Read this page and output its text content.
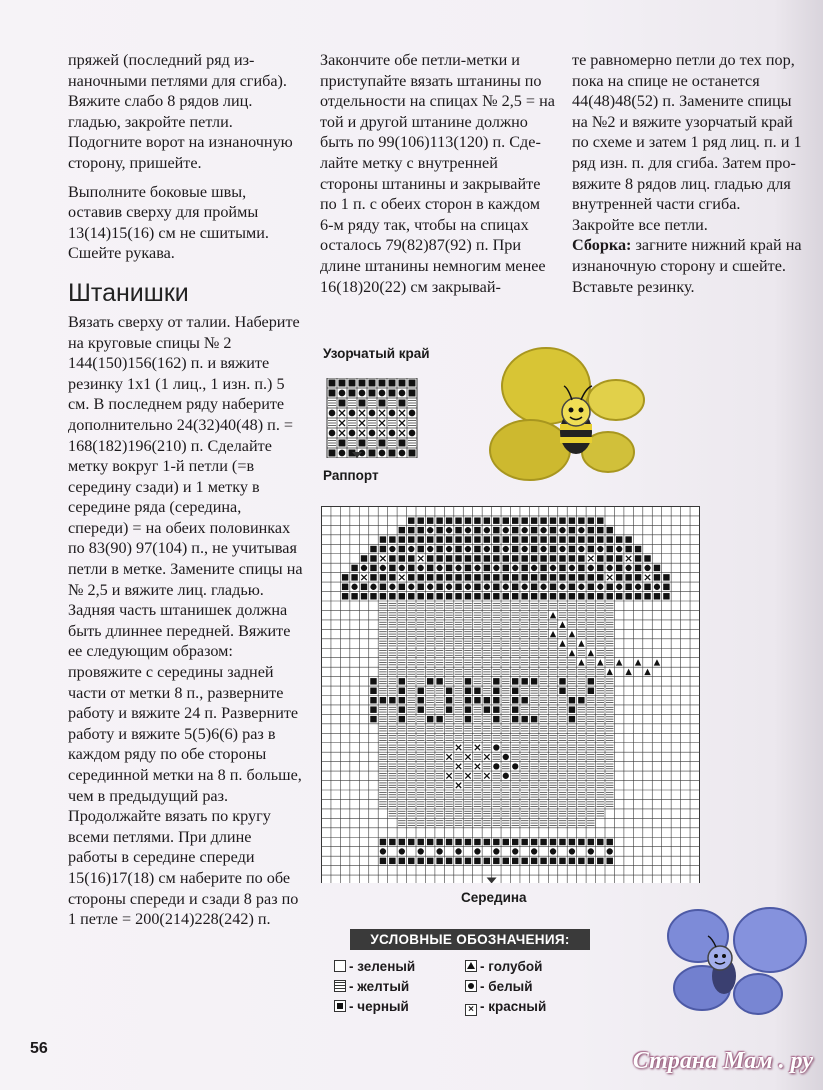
пряжей (последний ряд изнаночными петлями для сгиба). Вяжите слабо 8 рядов лиц. гладью, закройте петли. Подогните ворот на изнаночную сторону, пришейте.

Выполните боковые швы, оставив сверху для проймы 13(14)15(16) см не сшитыми. Сшейте рукава.

Штанишки

Вязать сверху от талии. Наберите на круговые спицы № 2 144(150)156(162) п. и вяжите резинку 1х1 (1 лиц., 1 изн. п.) 5 см. В последнем ряду наберите дополнительно 24(32)40(48) п. = 168(182)196(210) п. Сделайте метку вокруг 1-й петли (=в середину сзади) и 1 метку в середине ряда (середина, спереди) = на обеих половинках по 83(90) 97(104) п., не учитывая петли в метке. Замените спицы на № 2,5 и вяжите лиц. гладью. Задняя часть штанишек должна быть длиннее передней. Вяжите ее следующим образом: провяжите с середины задней части от метки 8 п., разверните работу и вяжите 24 п. Разверните работу и вяжите 5(5)6(6) раз в каждом ряду по обе стороны серединной метки на 8 п. больше, чем в предыдущий раз. Продолжайте вязать по кругу всеми петлями. При длине работы в середине спереди 15(16)17(18) см наберите по обе стороны спереди и сзади 8 раз по 1 петле = 200(214)228(242) п.

Закончите обе петли-метки и приступайте вязать штанины по отдельности на спицах № 2,5 = на той и другой штанине должно быть по 99(106)113(120) п. Сделайте метку с внутренней стороны штанины и закрывайте по 1 п. с обеих сторон в каждом 6-м ряду так, чтобы на спицах осталось 79(82)87(92) п. При длине штанины немногим менее 16(18)20(22) см закрывай-

те равномерно петли до тех пор, пока на спице не останется 44(48)48(52) п. Замените спицы на №2 и вяжите узорчатый край по схеме и затем 1 ряд лиц. п. и 1 ряд изн. п. для сгиба. Затем провяжите 8 рядов лиц. гладью для внутренней части сгиба. Закройте все петли.

Сборка: загните нижний край на изнаночную сторону и сшейте. Вставьте резинку.

Узорчатый край
Раппорт
Середина
УСЛОВНЫЕ ОБОЗНАЧЕНИЯ:
- зеленый
- желтый
- черный
- голубой
- белый
× - красный
56	Страна Мам . ру
